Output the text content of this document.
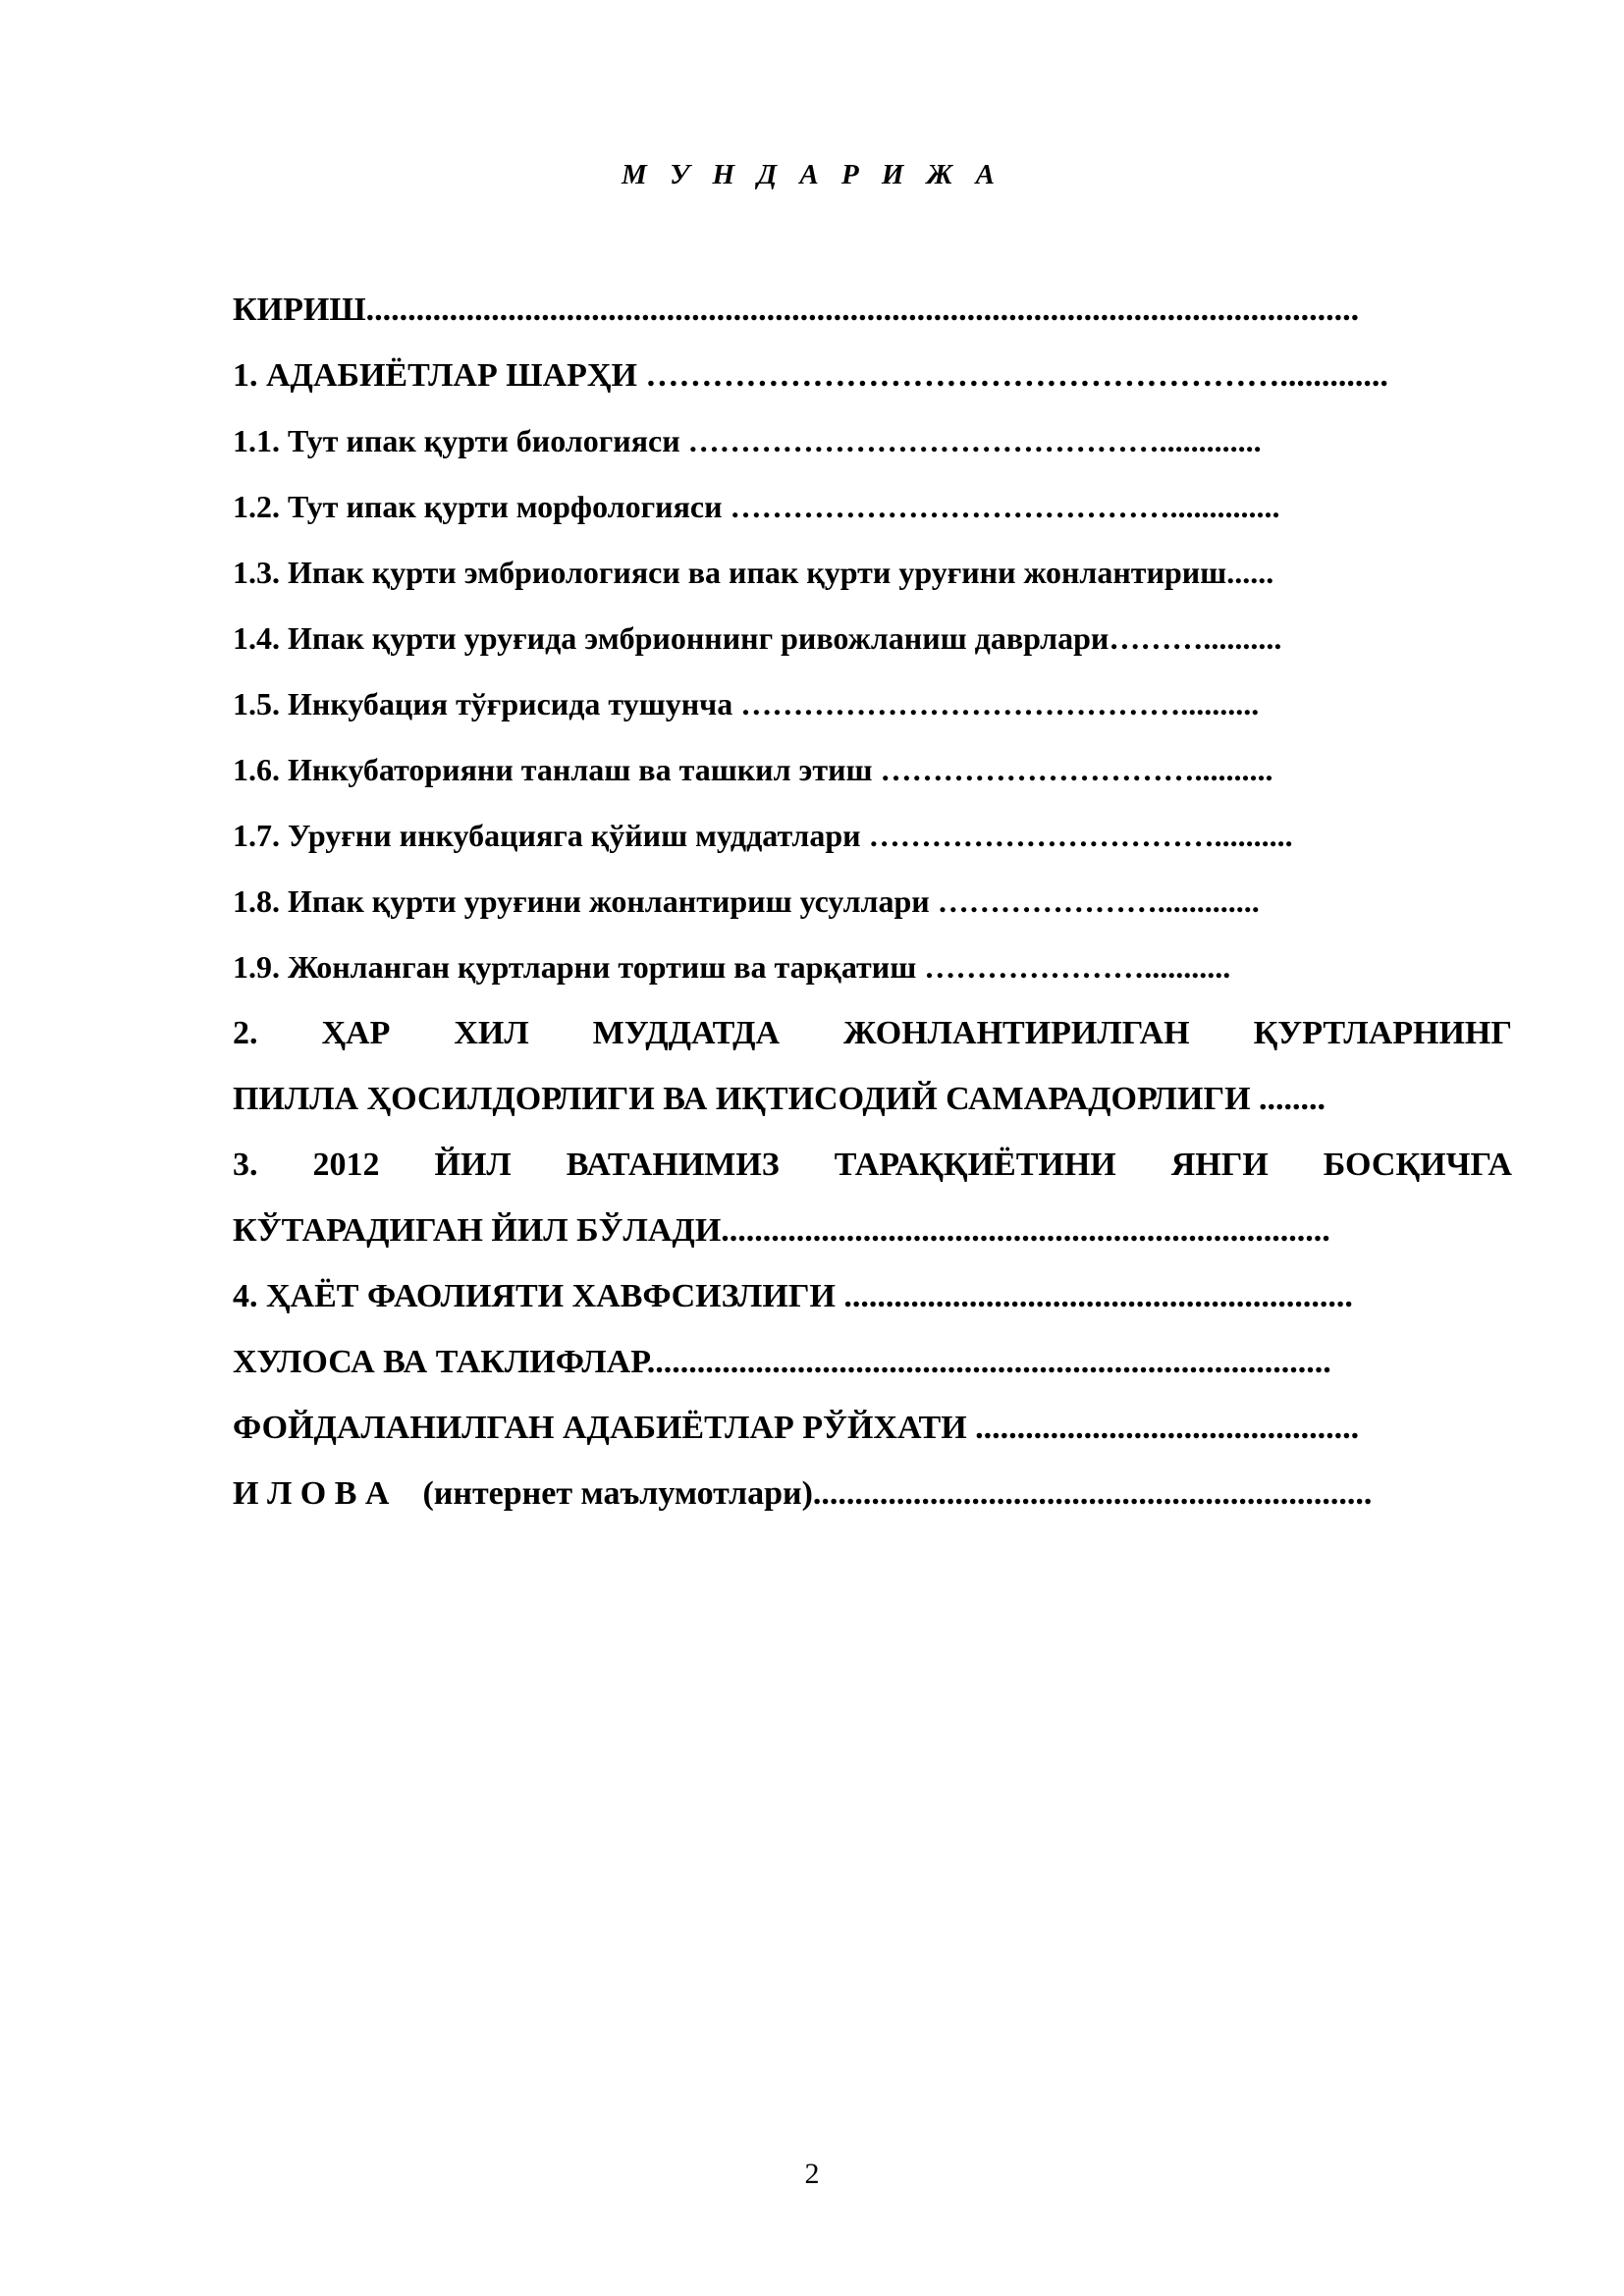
М У Н Д А Р И Ж А
КИРИШ.......................................................................................................................
1. АДАБИЁТЛАР ШАРҲИ ………………………………………………….............
1.1. Тут ипак қурти биологияси ……………………………………….............
1.2. Тут ипак қурти морфологияси ……………………………………..............
1.3. Ипак қурти эмбриологияси ва ипак қурти уруғини жонлантириш......
1.4. Ипак қурти уруғида эмбрионнинг ривожланиш даврлари………..........
1.5. Инкубация тўғрисида тушунча ……………………………………..........
1.6. Инкубаторияни танлаш ва ташкил этиш …………………………..........
1.7. Уруғни инкубацияга қўйиш муддатлари ……………………………..........
1.8. Ипак қурти уруғини жонлантириш усуллари ………………….............
1.9. Жонланган қуртларни тортиш ва тарқатиш …………………...........
2. ҲАР ХИЛ МУДДАТДА ЖОНЛАНТИРИЛГАН ҚУРТЛАРНИНГ
ПИЛЛА ҲОСИЛДОРЛИГИ ВА ИҚТИСОДИЙ САМАРАДОРЛИГИ ........
3. 2012 ЙИЛ ВАТАНИМИЗ ТАРАҚҚИЁТИНИ ЯНГИ БОСҚИЧГА
КЎТАРАДИГАН ЙИЛ БЎЛАДИ.........................................................................
4. ҲАЁТ ФАОЛИЯТИ ХАВФСИЗЛИГИ .............................................................
ХУЛОСА ВА ТАКЛИФЛАР..................................................................................
ФОЙДАЛАНИЛГАН АДАБИЁТЛАР РЎЙХАТИ ..............................................
И Л О В А    (интернет маълумотлари)...................................................................
2
